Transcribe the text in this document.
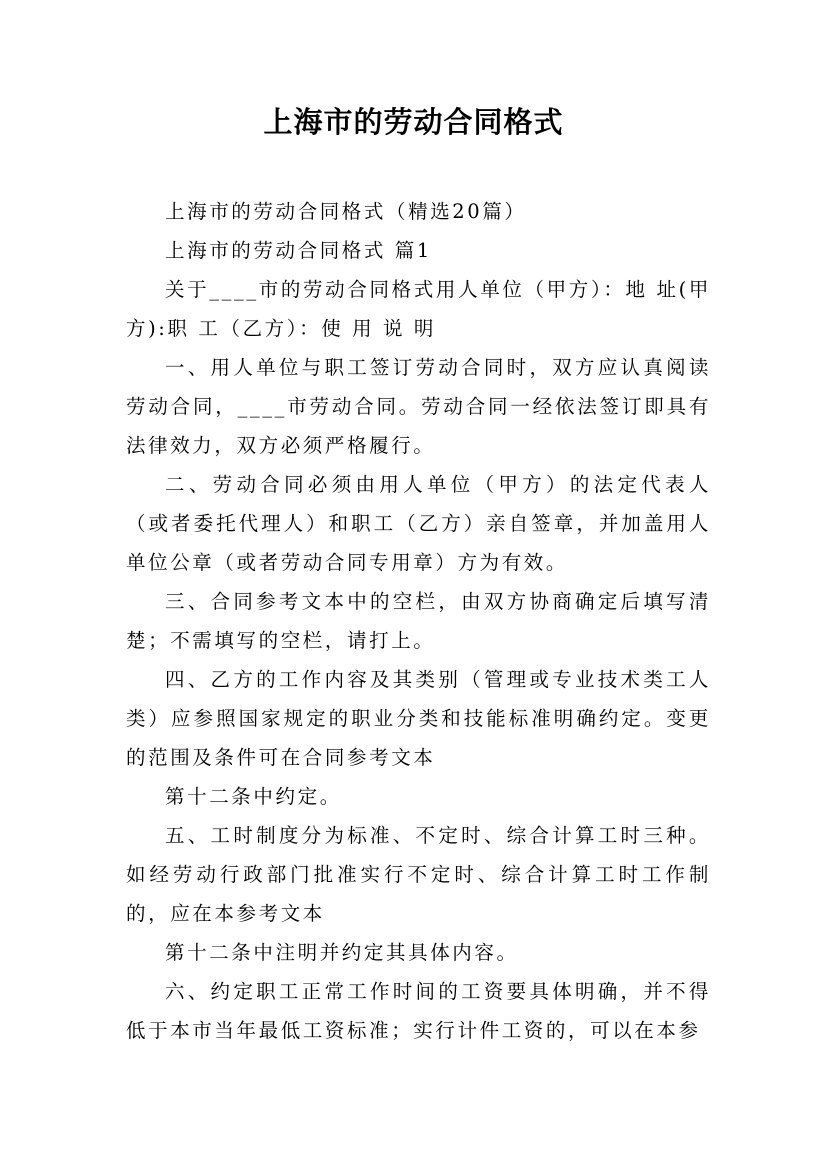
上海市的劳动合同格式

上海市的劳动合同格式（精选20篇）

上海市的劳动合同格式 篇1

关于____市的劳动合同格式用人单位（甲方）：地 址(甲方):职 工（乙方）：使 用 说 明

一、用人单位与职工签订劳动合同时，双方应认真阅读劳动合同，____市劳动合同。劳动合同一经依法签订即具有法律效力，双方必须严格履行。

二、劳动合同必须由用人单位（甲方）的法定代表人（或者委托代理人）和职工（乙方）亲自签章，并加盖用人单位公章（或者劳动合同专用章）方为有效。

三、合同参考文本中的空栏，由双方协商确定后填写清楚；不需填写的空栏，请打上。

四、乙方的工作内容及其类别（管理或专业技术类工人类）应参照国家规定的职业分类和技能标准明确约定。变更的范围及条件可在合同参考文本

第十二条中约定。

五、工时制度分为标准、不定时、综合计算工时三种。如经劳动行政部门批准实行不定时、综合计算工时工作制的，应在本参考文本

第十二条中注明并约定其具体内容。

六、约定职工正常工作时间的工资要具体明确，并不得低于本市当年最低工资标准；实行计件工资的，可以在本参
